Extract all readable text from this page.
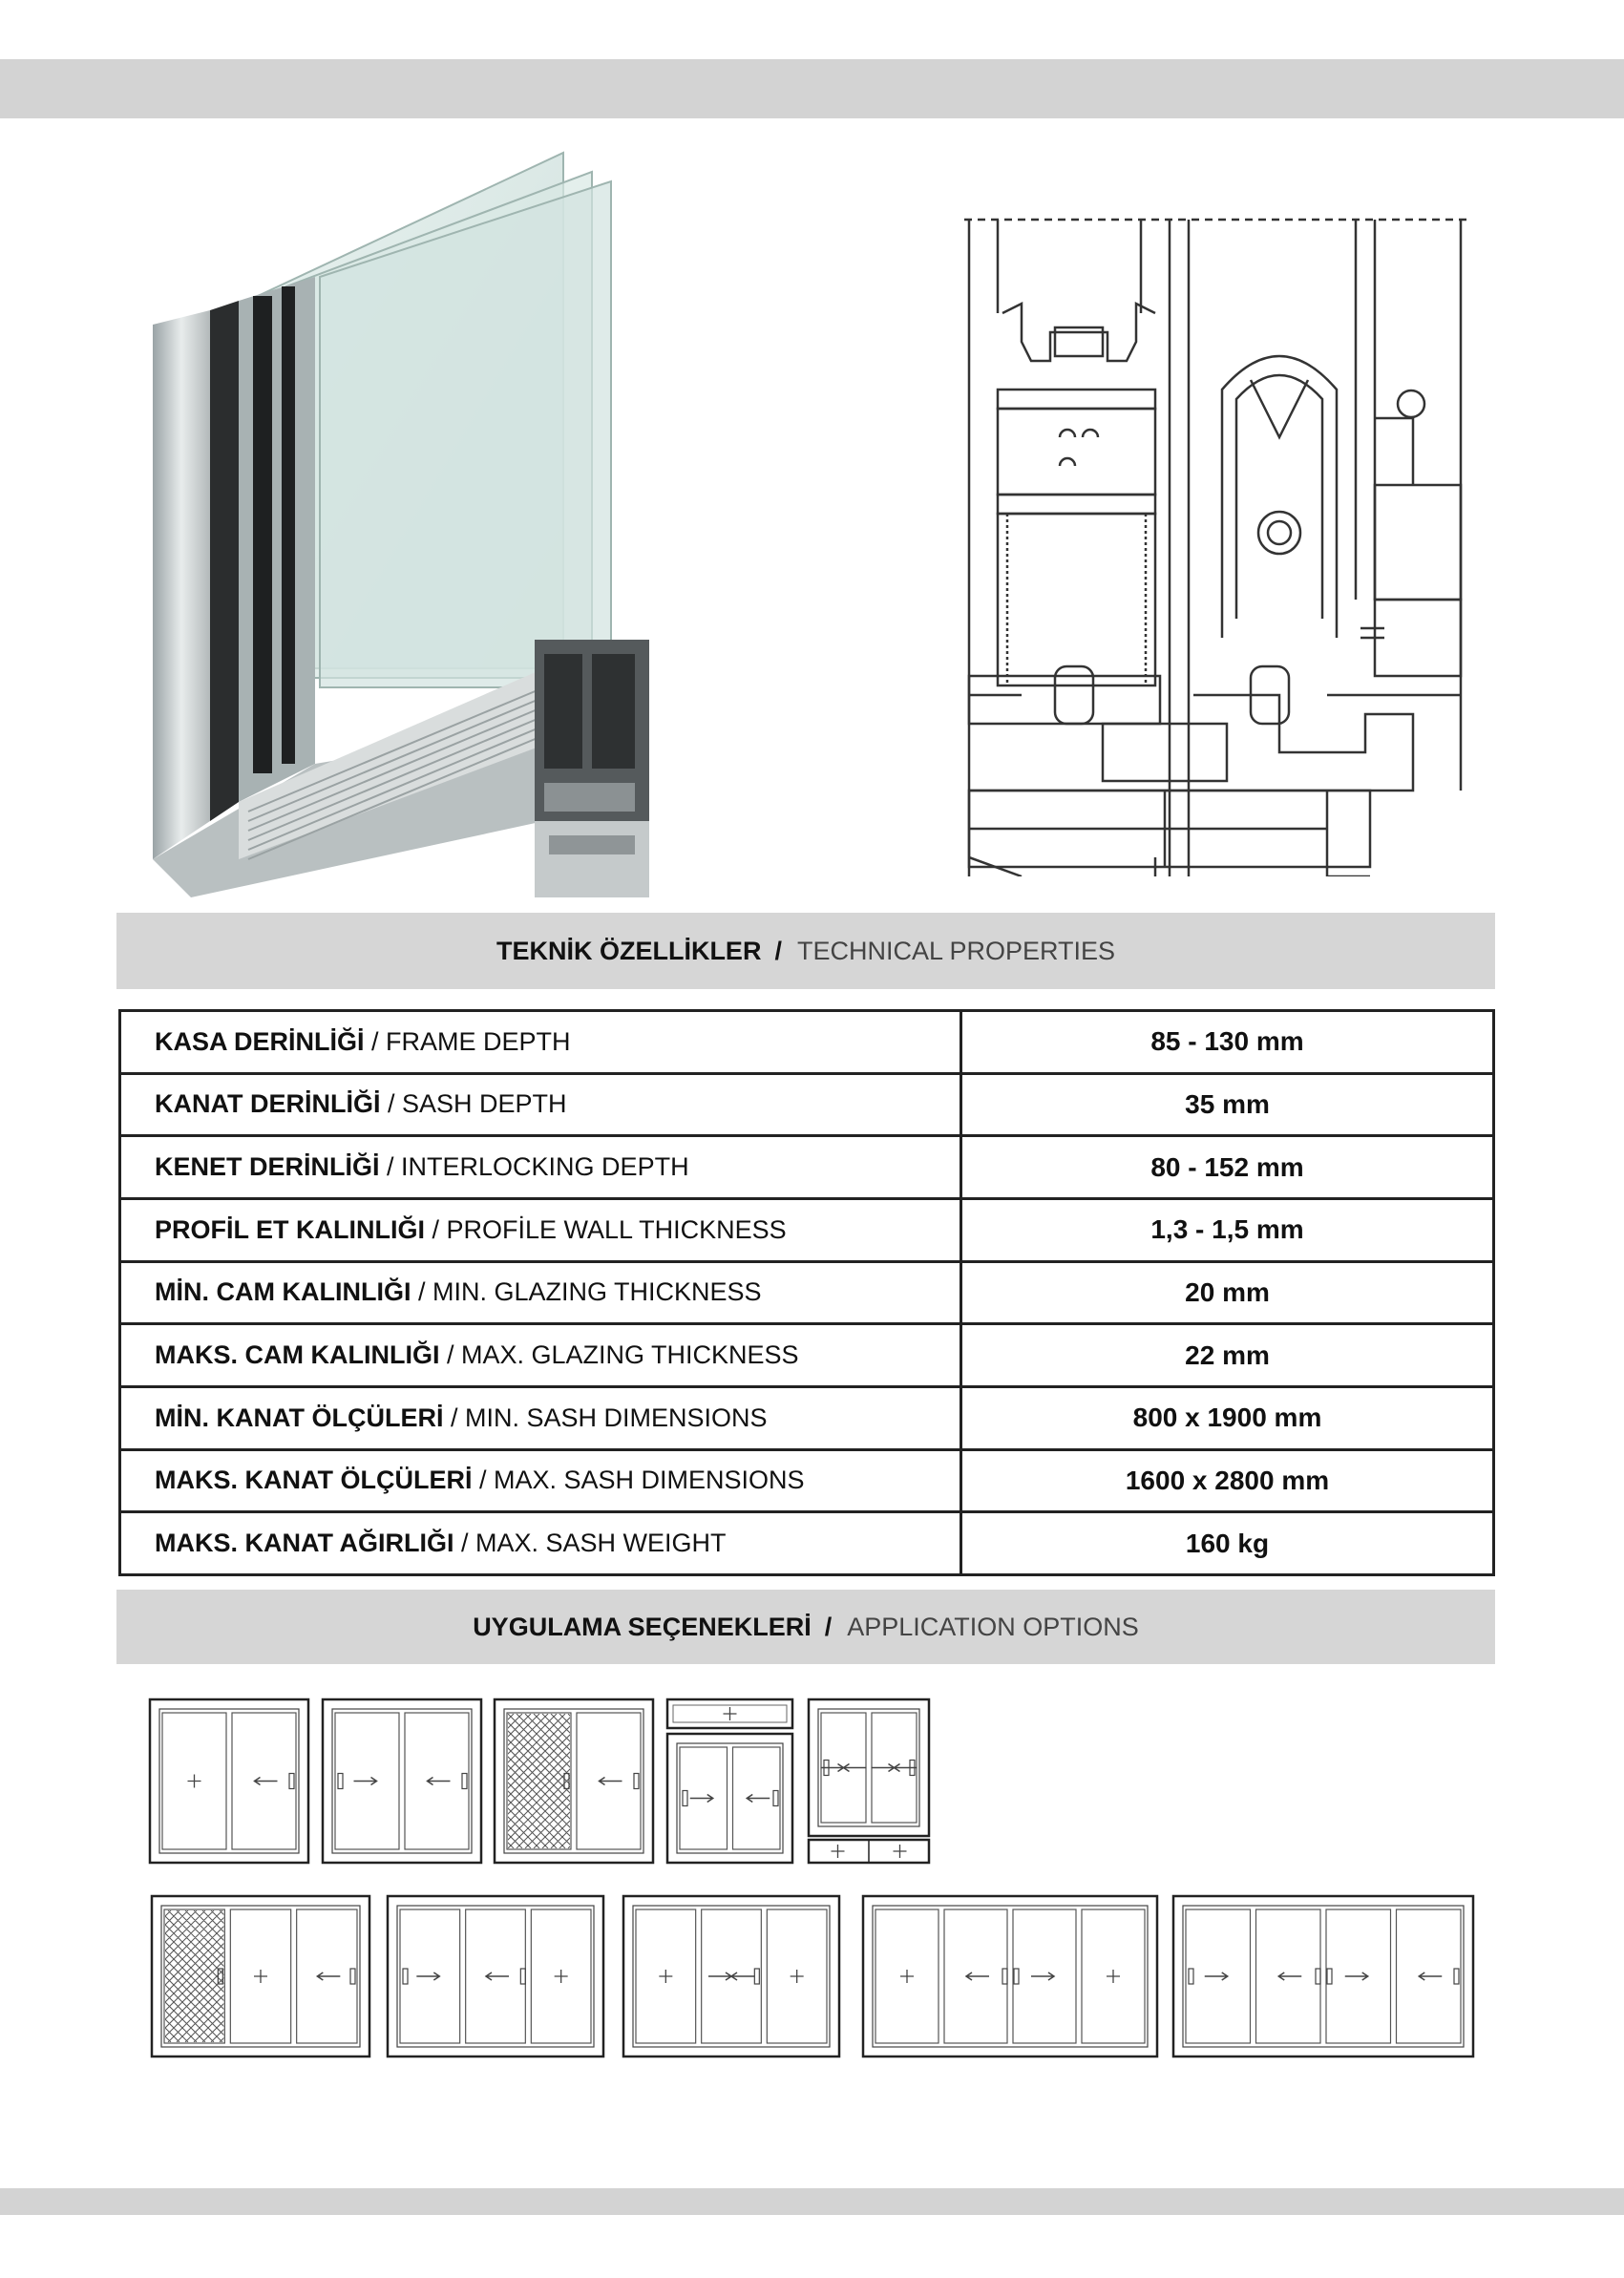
TEKNİK ÖZELLİKLER / TECHNICAL PROPERTIES
KASA DERİNLİĞİ / FRAME DEPTH	85 - 130 mm
KANAT DERİNLİĞİ / SASH DEPTH	35 mm
KENET DERİNLİĞİ / INTERLOCKING DEPTH	80 - 152 mm
PROFİL ET KALINLIĞI / PROFİLE WALL THICKNESS	1,3 - 1,5 mm
MİN. CAM KALINLIĞI / MIN. GLAZING THICKNESS	20 mm
MAKS. CAM KALINLIĞI / MAX. GLAZING THICKNESS	22 mm
MİN. KANAT ÖLÇÜLERİ / MIN. SASH DIMENSIONS	800 x 1900 mm
MAKS. KANAT ÖLÇÜLERİ / MAX. SASH DIMENSIONS	1600 x 2800 mm
MAKS. KANAT AĞIRLIĞI / MAX. SASH WEIGHT	160 kg
UYGULAMA SEÇENEKLERİ / APPLICATION OPTIONS
